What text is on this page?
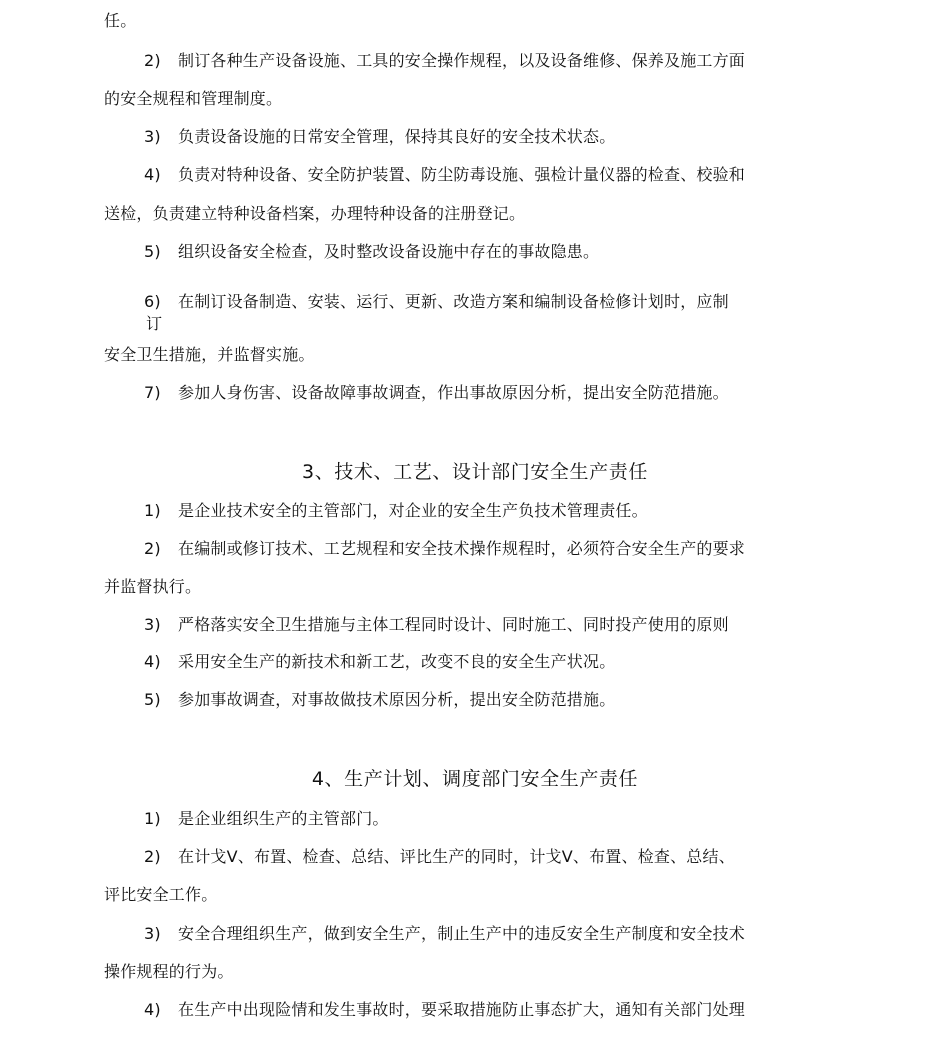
任。
2) 制订各种生产设备设施、工具的安全操作规程，以及设备维修、保养及施工方面
的安全规程和管理制度。
3) 负责设备设施的日常安全管理，保持其良好的安全技术状态。
4) 负责对特种设备、安全防护装置、防尘防毒设施、强检计量仪器的检查、校验和
送检，负责建立特种设备档案，办理特种设备的注册登记。
5) 组织设备安全检查，及时整改设备设施中存在的事故隐患。
6) 在制订设备制造、安装、运行、更新、改造方案和编制设备检修计划时，应制
订
安全卫生措施，并监督实施。
7) 参加人身伤害、设备故障事故调查，作出事故原因分析，提出安全防范措施。
3、技术、工艺、设计部门安全生产责任
1) 是企业技术安全的主管部门，对企业的安全生产负技术管理责任。
2) 在编制或修订技术、工艺规程和安全技术操作规程时，必须符合安全生产的要求
并监督执行。
3) 严格落实安全卫生措施与主体工程同时设计、同时施工、同时投产使用的原则
4) 采用安全生产的新技术和新工艺，改变不良的安全生产状况。
5) 参加事故调查，对事故做技术原因分析，提出安全防范措施。
4、生产计划、调度部门安全生产责任
1) 是企业组织生产的主管部门。
2) 在计戈V、布置、检查、总结、评比生产的同时，计戈V、布置、检查、总结、
评比安全工作。
3) 安全合理组织生产，做到安全生产，制止生产中的违反安全生产制度和安全技术
操作规程的行为。
4) 在生产中出现险情和发生事故时，要采取措施防止事态扩大，通知有关部门处理
